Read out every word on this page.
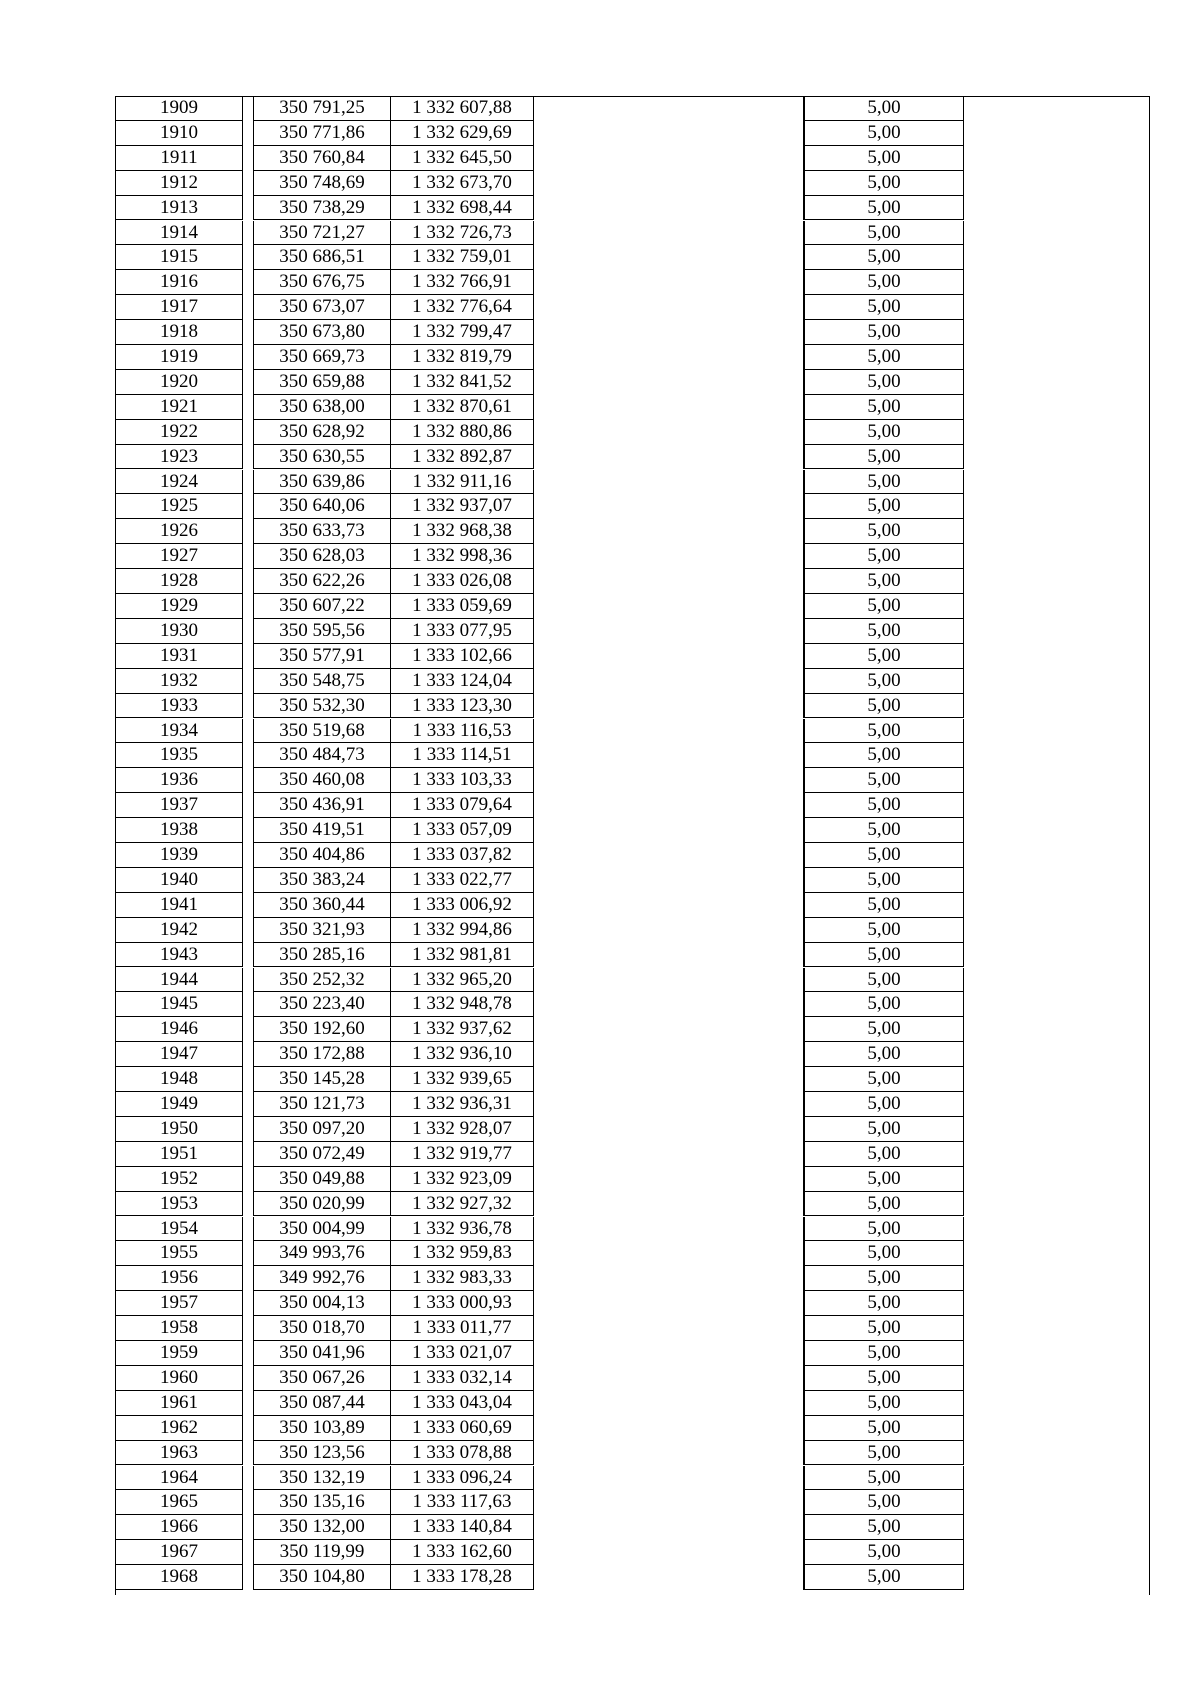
1909	350 791,25	1 332 607,88	5,00
1910	350 771,86	1 332 629,69	5,00
1911	350 760,84	1 332 645,50	5,00
1912	350 748,69	1 332 673,70	5,00
1913	350 738,29	1 332 698,44	5,00
1914	350 721,27	1 332 726,73	5,00
1915	350 686,51	1 332 759,01	5,00
1916	350 676,75	1 332 766,91	5,00
1917	350 673,07	1 332 776,64	5,00
1918	350 673,80	1 332 799,47	5,00
1919	350 669,73	1 332 819,79	5,00
1920	350 659,88	1 332 841,52	5,00
1921	350 638,00	1 332 870,61	5,00
1922	350 628,92	1 332 880,86	5,00
1923	350 630,55	1 332 892,87	5,00
1924	350 639,86	1 332 911,16	5,00
1925	350 640,06	1 332 937,07	5,00
1926	350 633,73	1 332 968,38	5,00
1927	350 628,03	1 332 998,36	5,00
1928	350 622,26	1 333 026,08	5,00
1929	350 607,22	1 333 059,69	5,00
1930	350 595,56	1 333 077,95	5,00
1931	350 577,91	1 333 102,66	5,00
1932	350 548,75	1 333 124,04	5,00
1933	350 532,30	1 333 123,30	5,00
1934	350 519,68	1 333 116,53	5,00
1935	350 484,73	1 333 114,51	5,00
1936	350 460,08	1 333 103,33	5,00
1937	350 436,91	1 333 079,64	5,00
1938	350 419,51	1 333 057,09	5,00
1939	350 404,86	1 333 037,82	5,00
1940	350 383,24	1 333 022,77	5,00
1941	350 360,44	1 333 006,92	5,00
1942	350 321,93	1 332 994,86	5,00
1943	350 285,16	1 332 981,81	5,00
1944	350 252,32	1 332 965,20	5,00
1945	350 223,40	1 332 948,78	5,00
1946	350 192,60	1 332 937,62	5,00
1947	350 172,88	1 332 936,10	5,00
1948	350 145,28	1 332 939,65	5,00
1949	350 121,73	1 332 936,31	5,00
1950	350 097,20	1 332 928,07	5,00
1951	350 072,49	1 332 919,77	5,00
1952	350 049,88	1 332 923,09	5,00
1953	350 020,99	1 332 927,32	5,00
1954	350 004,99	1 332 936,78	5,00
1955	349 993,76	1 332 959,83	5,00
1956	349 992,76	1 332 983,33	5,00
1957	350 004,13	1 333 000,93	5,00
1958	350 018,70	1 333 011,77	5,00
1959	350 041,96	1 333 021,07	5,00
1960	350 067,26	1 333 032,14	5,00
1961	350 087,44	1 333 043,04	5,00
1962	350 103,89	1 333 060,69	5,00
1963	350 123,56	1 333 078,88	5,00
1964	350 132,19	1 333 096,24	5,00
1965	350 135,16	1 333 117,63	5,00
1966	350 132,00	1 333 140,84	5,00
1967	350 119,99	1 333 162,60	5,00
1968	350 104,80	1 333 178,28	5,00
